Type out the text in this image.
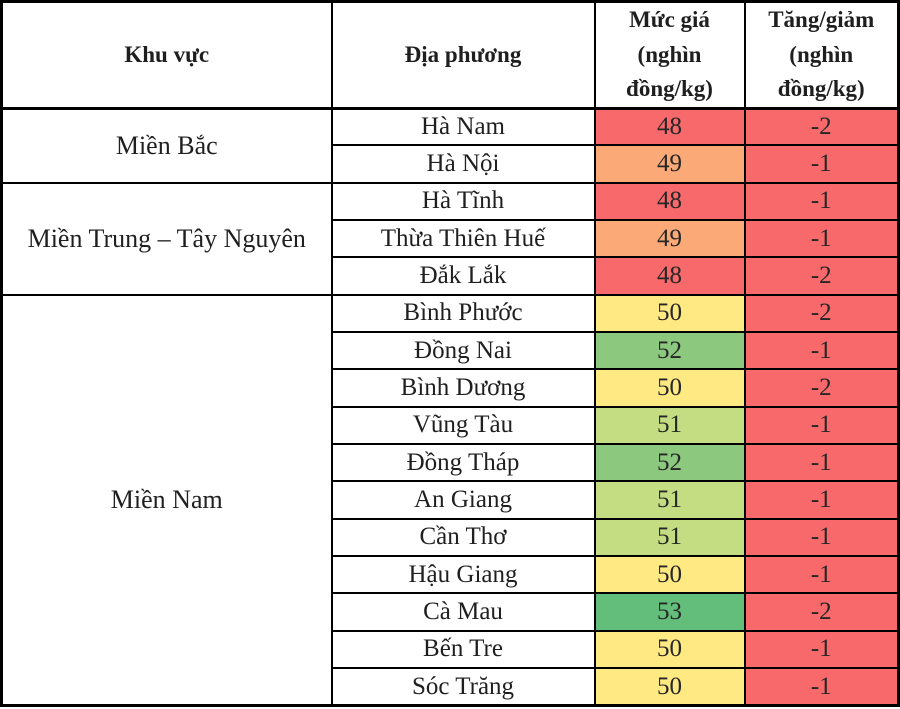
Khu vực	Địa phương	Mức giá (nghìn đồng/kg)	Tăng/giảm (nghìn đồng/kg)
Miền Bắc	Hà Nam	48	-2
	Hà Nội	49	-1
Miền Trung – Tây Nguyên	Hà Tĩnh	48	-1
	Thừa Thiên Huế	49	-1
	Đắk Lắk	48	-2
Miền Nam	Bình Phước	50	-2
	Đồng Nai	52	-1
	Bình Dương	50	-2
	Vũng Tàu	51	-1
	Đồng Tháp	52	-1
	An Giang	51	-1
	Cần Thơ	51	-1
	Hậu Giang	50	-1
	Cà Mau	53	-2
	Bến Tre	50	-1
	Sóc Trăng	50	-1
